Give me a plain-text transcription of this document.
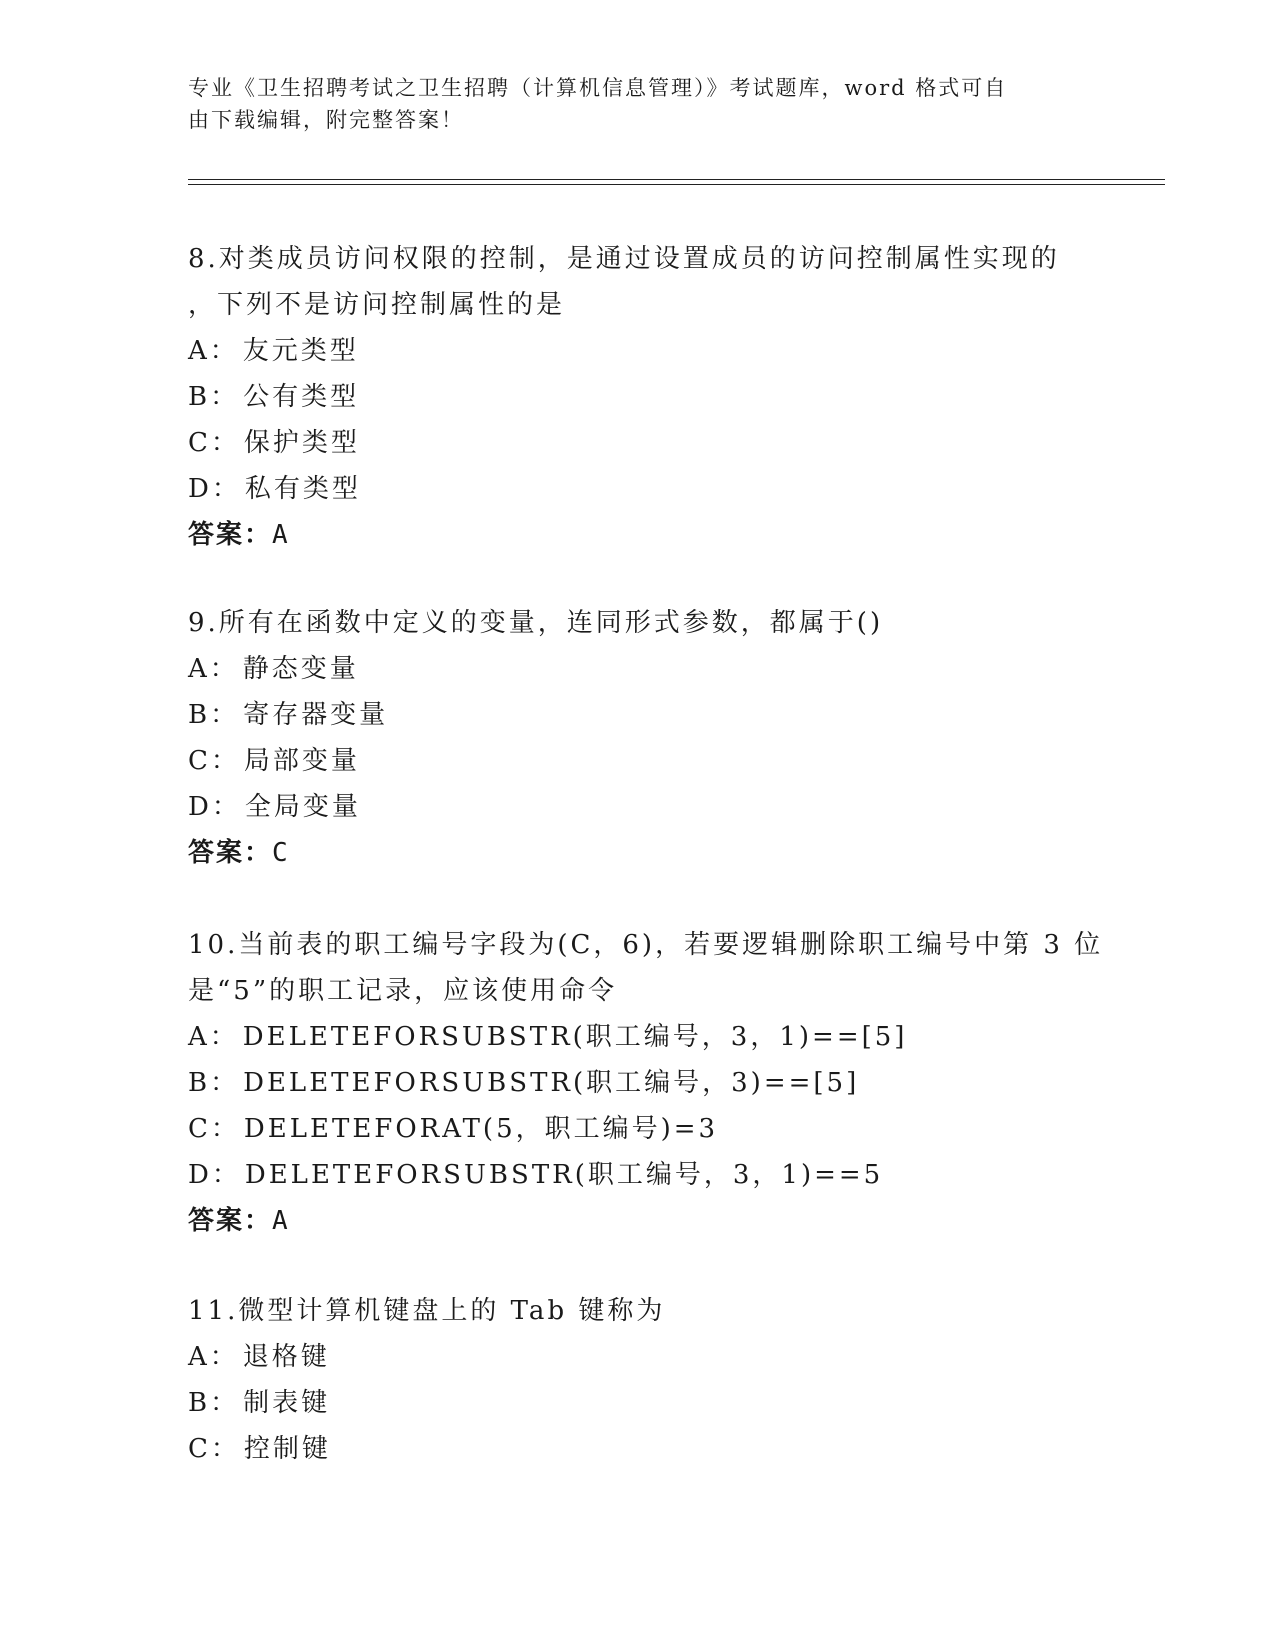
专业《卫生招聘考试之卫生招聘（计算机信息管理）》考试题库，word 格式可自
由下载编辑，附完整答案！
8.对类成员访问权限的控制，是通过设置成员的访问控制属性实现的
，下列不是访问控制属性的是
A： 友元类型
B： 公有类型
C： 保护类型
D： 私有类型
答案：A
9.所有在函数中定义的变量，连同形式参数，都属于()
A： 静态变量
B： 寄存器变量
C： 局部变量
D： 全局变量
答案：C
10.当前表的职工编号字段为(C，6)，若要逻辑删除职工编号中第 3 位
是“5”的职工记录，应该使用命令
A： DELETEFORSUBSTR(职工编号，3，1)==[5]
B： DELETEFORSUBSTR(职工编号，3)==[5]
C： DELETEFORAT(5，职工编号)=3
D： DELETEFORSUBSTR(职工编号，3，1)==5
答案：A
11.微型计算机键盘上的 Tab 键称为
A： 退格键
B： 制表键
C： 控制键
